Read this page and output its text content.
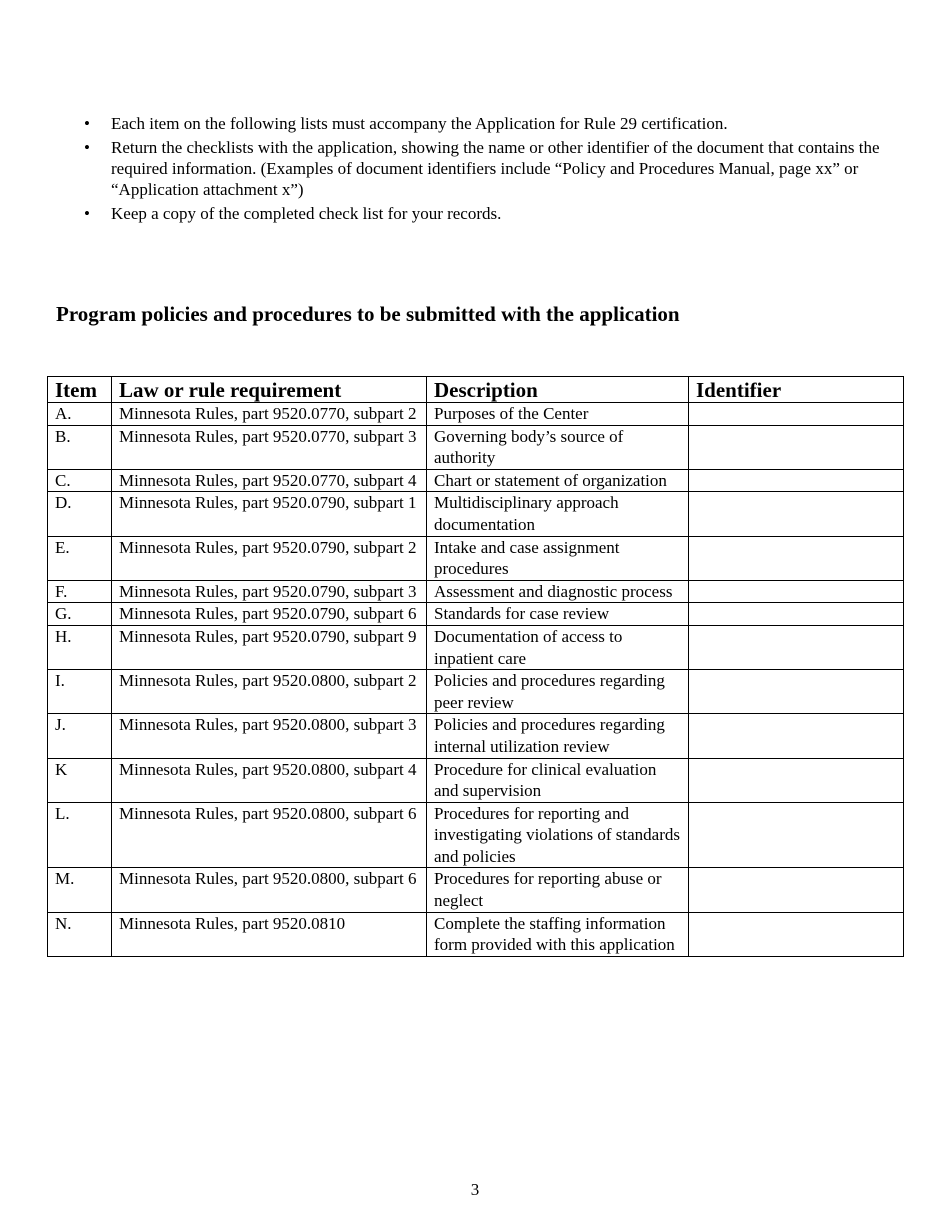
• Each item on the following lists must accompany the Application for Rule 29 certification.
• Return the checklists with the application, showing the name or other identifier of the document that contains the required information. (Examples of document identifiers include “Policy and Procedures Manual, page xx” or “Application attachment x”)
• Keep a copy of the completed check list for your records.
Program policies and procedures to be submitted with the application
Item	Law or rule requirement	Description	Identifier
A.	Minnesota Rules, part 9520.0770, subpart 2	Purposes of the Center	
B.	Minnesota Rules, part 9520.0770, subpart 3	Governing body’s source of authority	
C.	Minnesota Rules, part 9520.0770, subpart 4	Chart or statement of organization	
D.	Minnesota Rules, part 9520.0790, subpart 1	Multidisciplinary approach documentation	
E.	Minnesota Rules, part 9520.0790, subpart 2	Intake and case assignment procedures	
F.	Minnesota Rules, part 9520.0790, subpart 3	Assessment and diagnostic process	
G.	Minnesota Rules, part 9520.0790, subpart 6	Standards for case review	
H.	Minnesota Rules, part 9520.0790, subpart 9	Documentation of access to inpatient care	
I.	Minnesota Rules, part 9520.0800, subpart 2	Policies and procedures regarding peer review	
J.	Minnesota Rules, part 9520.0800, subpart 3	Policies and procedures regarding internal utilization review	
K	Minnesota Rules, part 9520.0800, subpart 4	Procedure for clinical evaluation and supervision	
L.	Minnesota Rules, part 9520.0800, subpart 6	Procedures for reporting and investigating violations of standards and policies	
M.	Minnesota Rules, part 9520.0800, subpart 6	Procedures for reporting abuse or neglect	
N.	Minnesota Rules, part 9520.0810	Complete the staffing information form provided with this application	
3
